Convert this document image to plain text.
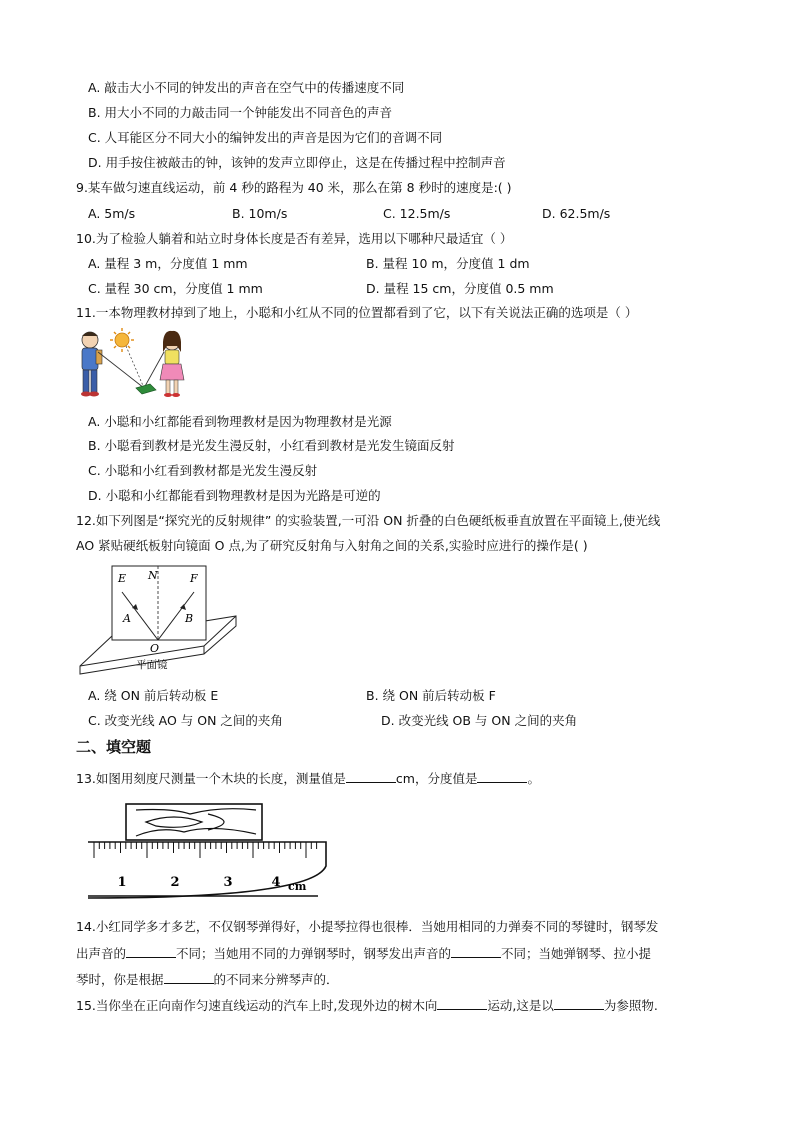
A. 敲击大小不同的钟发出的声音在空气中的传播速度不同
B. 用大小不同的力敲击同一个钟能发出不同音色的声音
C. 人耳能区分不同大小的编钟发出的声音是因为它们的音调不同
D. 用手按住被敲击的钟，该钟的发声立即停止，这是在传播过程中控制声音
9.某车做匀速直线运动，前 4 秒的路程为 40 米，那么在第 8 秒时的速度是:( )
A. 5m/s	B. 10m/s	C. 12.5m/s	D. 62.5m/s
10.为了检验人躺着和站立时身体长度是否有差异，选用以下哪种尺最适宜（ ）
A. 量程 3 m，分度值 1 mm	B. 量程 10 m，分度值 1 dm
C. 量程 30 cm，分度值 1 mm	D. 量程 15 cm，分度值 0.5 mm
11.一本物理教材掉到了地上，小聪和小红从不同的位置都看到了它，以下有关说法正确的选项是（ ）
A. 小聪和小红都能看到物理教材是因为物理教材是光源
B. 小聪看到教材是光发生漫反射，小红看到教材是光发生镜面反射
C. 小聪和小红看到教材都是光发生漫反射
D. 小聪和小红都能看到物理教材是因为光路是可逆的
12.如下列图是“探究光的反射规律” 的实验装置,一可沿 ON 折叠的白色硬纸板垂直放置在平面镜上,使光线
AO 紧贴硬纸板射向镜面 O 点,为了研究反射角与入射角之间的关系,实验时应进行的操作是( )
E N	F
A	B
O
平面镜
A. 绕 ON 前后转动板 E	B. 绕 ON 前后转动板 F
C. 改变光线 AO 与 ON 之间的夹角	D. 改变光线 OB 与 ON 之间的夹角
二、填空题
13.如图用刻度尺测量一个木块的长度，测量值是	cm，分度值是	。
1	2	3	4 cm
14.小红同学多才多艺，不仅钢琴弹得好，小提琴拉得也很棒．当她用相同的力弹奏不同的琴键时，钢琴发
出声音的	不同；当她用不同的力弹钢琴时，钢琴发出声音的	不同；当她弹钢琴、拉小提
琴时，你是根据	的不同来分辨琴声的．
15.当你坐在正向南作匀速直线运动的汽车上时,发现外边的树木向	运动,这是以	为参照物.
